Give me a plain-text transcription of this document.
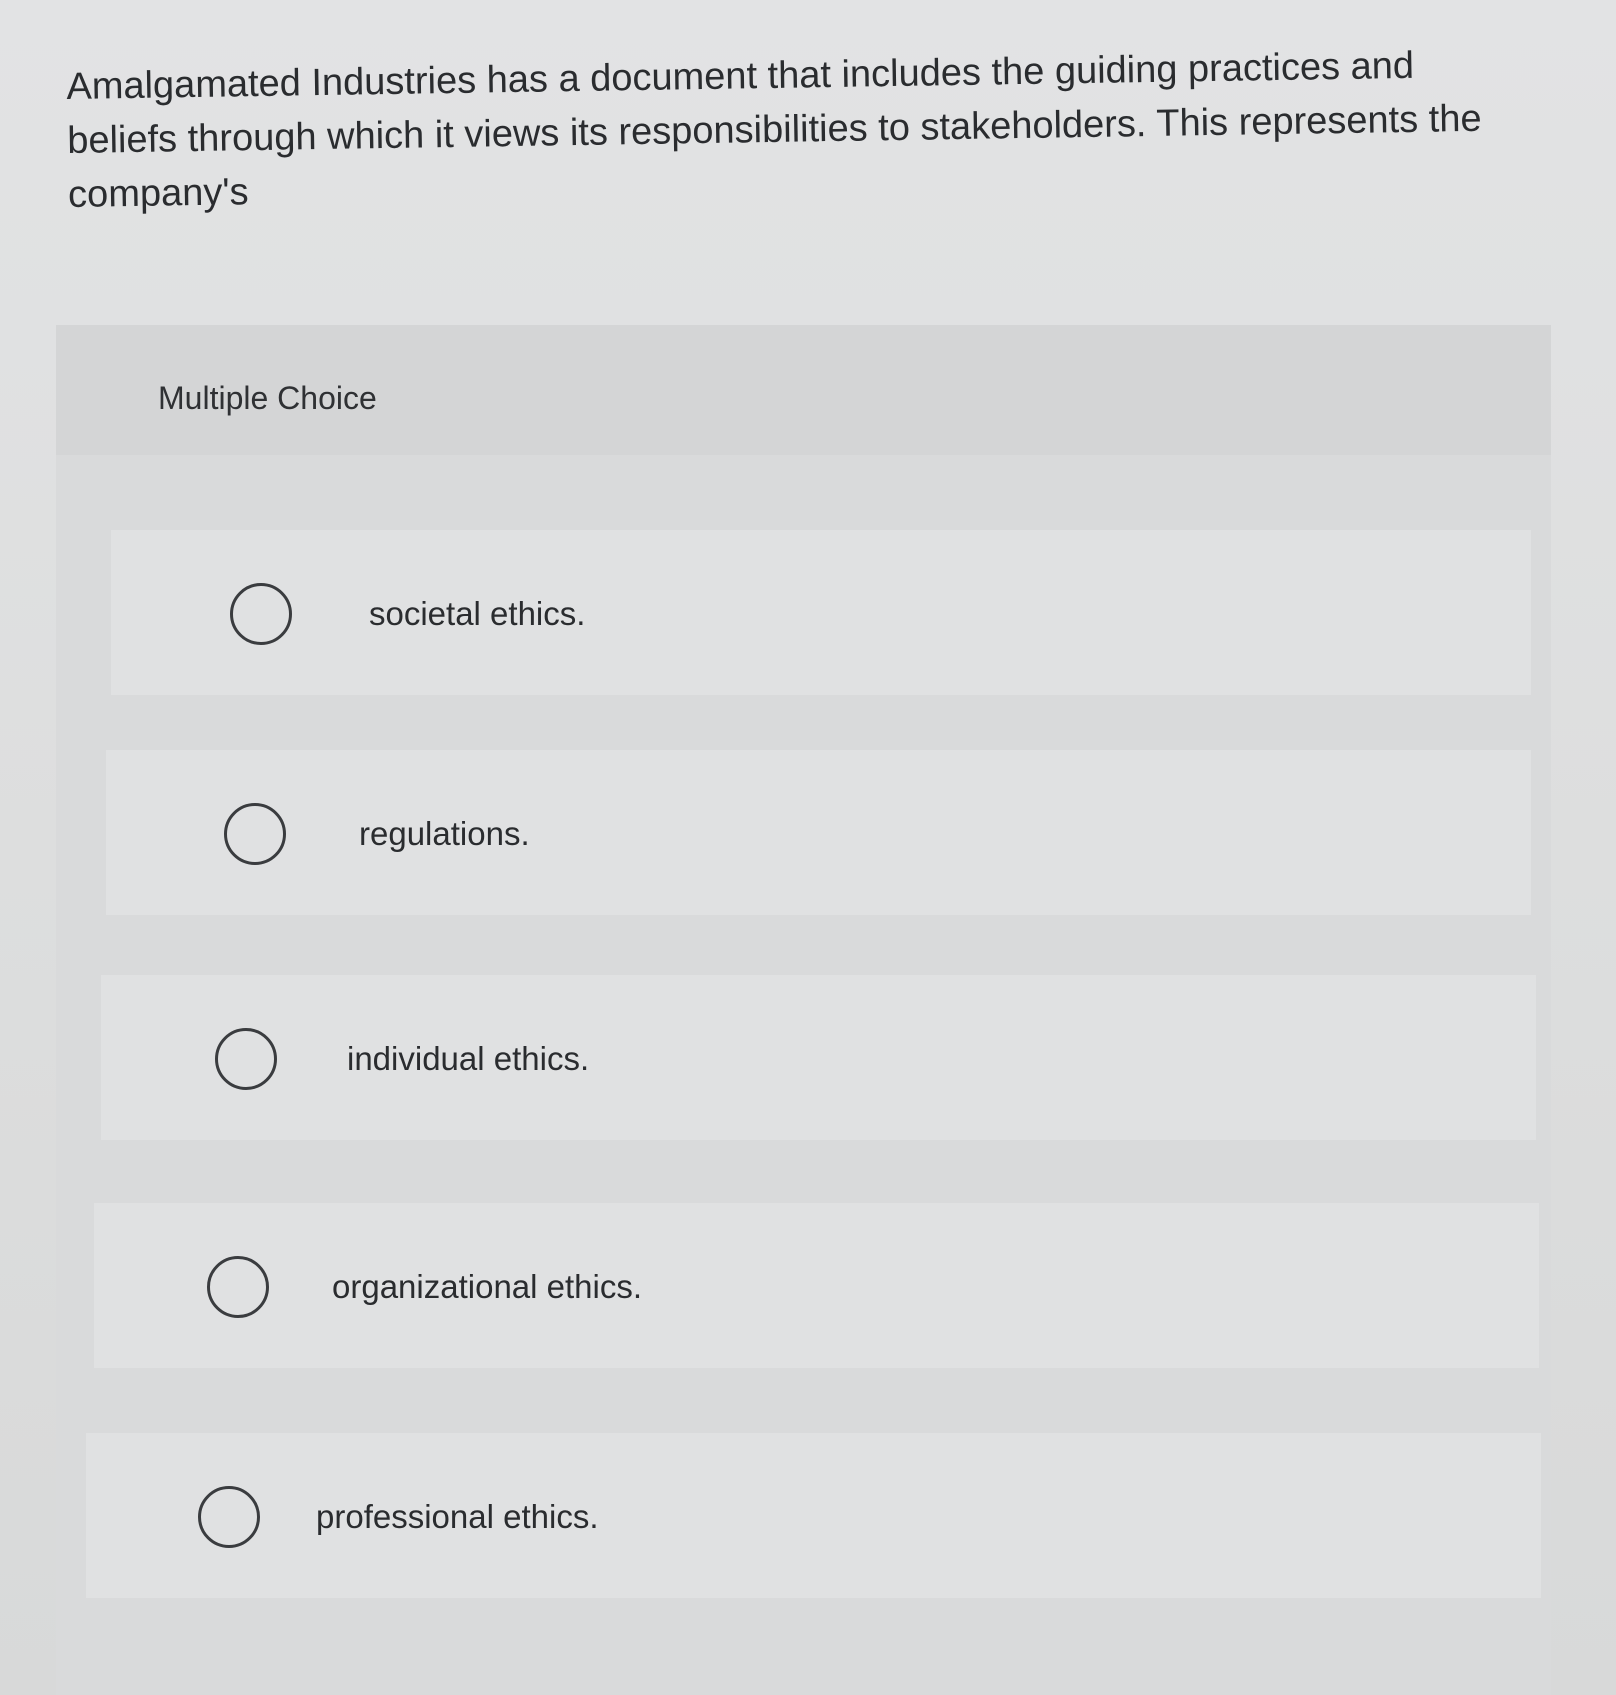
Amalgamated Industries has a document that includes the guiding practices and beliefs through which it views its responsibilities to stakeholders. This represents the company's

Multiple Choice
societal ethics.
regulations.
individual ethics.
organizational ethics.
professional ethics.
